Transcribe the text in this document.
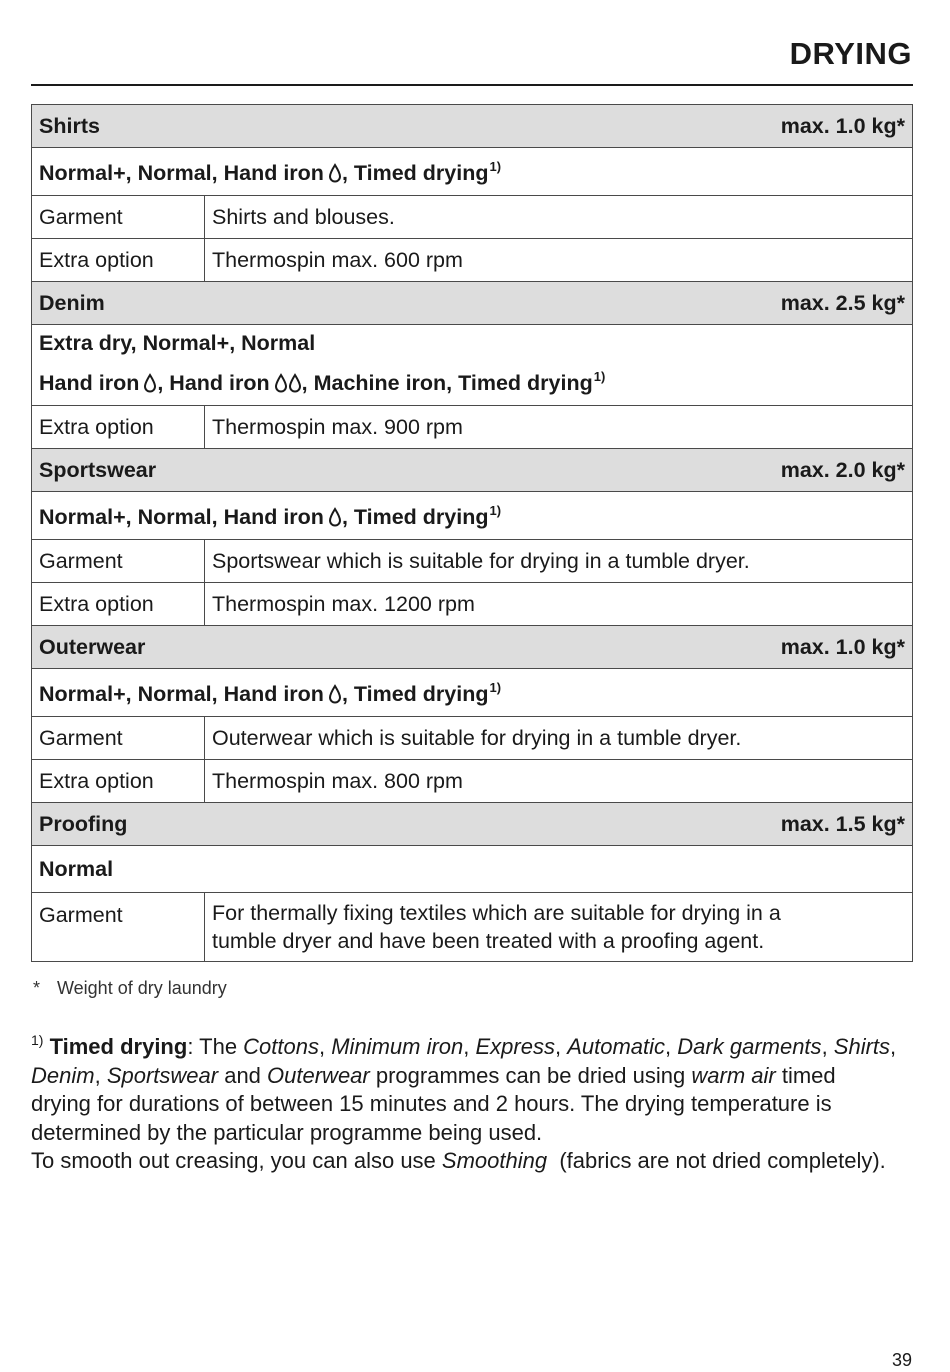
DRYING
Shirts max. 1.0 kg*	

Normal+, Normal, Hand iron , Timed drying$^{1)}$
Garment	Shirts and blouses.
Extra option	Thermospin max. 600 rpm
Denim max. 2.5 kg*	

Extra dry, Normal+, Normal
Hand iron , Hand iron , Machine iron, Timed drying$^{1)}$

Extra option	Thermospin max. 900 rpm
Sportswear max. 2.0 kg*	

Normal+, Normal, Hand iron , Timed drying$^{1)}$
Garment	Sportswear which is suitable for drying in a tumble dryer.
Extra option	Thermospin max. 1200 rpm
Outerwear max. 1.0 kg*	

Normal+, Normal, Hand iron , Timed drying$^{1)}$
Garment	Outerwear which is suitable for drying in a tumble dryer.
Extra option	Thermospin max. 800 rpm
Proofing max. 1.5 kg*	

Normal	
Garment	For thermally fixing textiles which are suitable for drying in a
tumble dryer and have been treated with a proofing agent.
* Weight of dry laundry
$^{1)}$ Timed drying: The Cottons, Minimum iron, Express, Automatic, Dark garments, Shirts, Denim, Sportswear and Outerwear programmes can be dried using warm air timed drying for durations of between 15 minutes and 2 hours. The drying temperature is determined by the particular programme being used.
To smooth out creasing, you can also use Smoothing  (fabrics are not dried completely).
39
